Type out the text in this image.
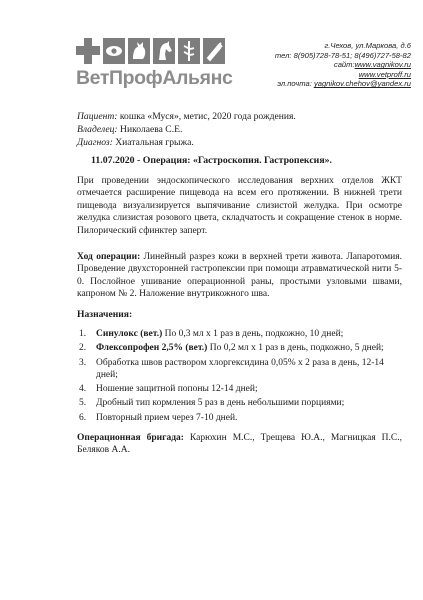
ВетПрофАльянс
г.Чехов, ул.Маркова, д.6
тел: 8(905)728-78-51; 8(496)727-58-82
сайт:www.vagnikov.ru
www.vetproff.ru
эл.почта: yagnikov.chehov@yandex.ru
Пациент: кошка «Муся», метис, 2020 года рождения.
Владелец: Николаева С.Е.
Диагноз: Хиатальная грыжа.
11.07.2020 - Операция: «Гастроскопия. Гастропексия».
При проведении эндоскопического исследования верхних отделов ЖКТ отмечается расширение пищевода на всем его протяжении. В нижней трети пищевода визуализируется выпячивание слизистой желудка. При осмотре желудка слизистая розового цвета, складчатость и сокращение стенок в норме. Пилорический сфинктер заперт.
Ход операции: Линейный разрез кожи в верхней трети живота. Лапаротомия. Проведение двухсторонней гастропексии при помощи атравматической нити 5-0. Послойное ушивание операционной раны, простыми узловыми швами, капроном № 2. Наложение внутрикожного шва.
Назначения:
1. Синулокс (вет.) По 0,3 мл х 1 раз в день, подкожно, 10 дней;
2. Флексопрофен 2,5% (вет.) По 0,2 мл х 1 раз в день, подкожно, 5 дней;
3. Обработка швов раствором хлоргексидина 0,05% х 2 раза в день, 12-14 дней;
4. Ношение защитной попоны 12-14 дней;
5. Дробный тип кормления 5 раз в день небольшими порциями;
6. Повторный прием через 7-10 дней.
Операционная бригада: Карюхин М.С., Трещева Ю.А., Магницкая П.С., Беляков А.А.
